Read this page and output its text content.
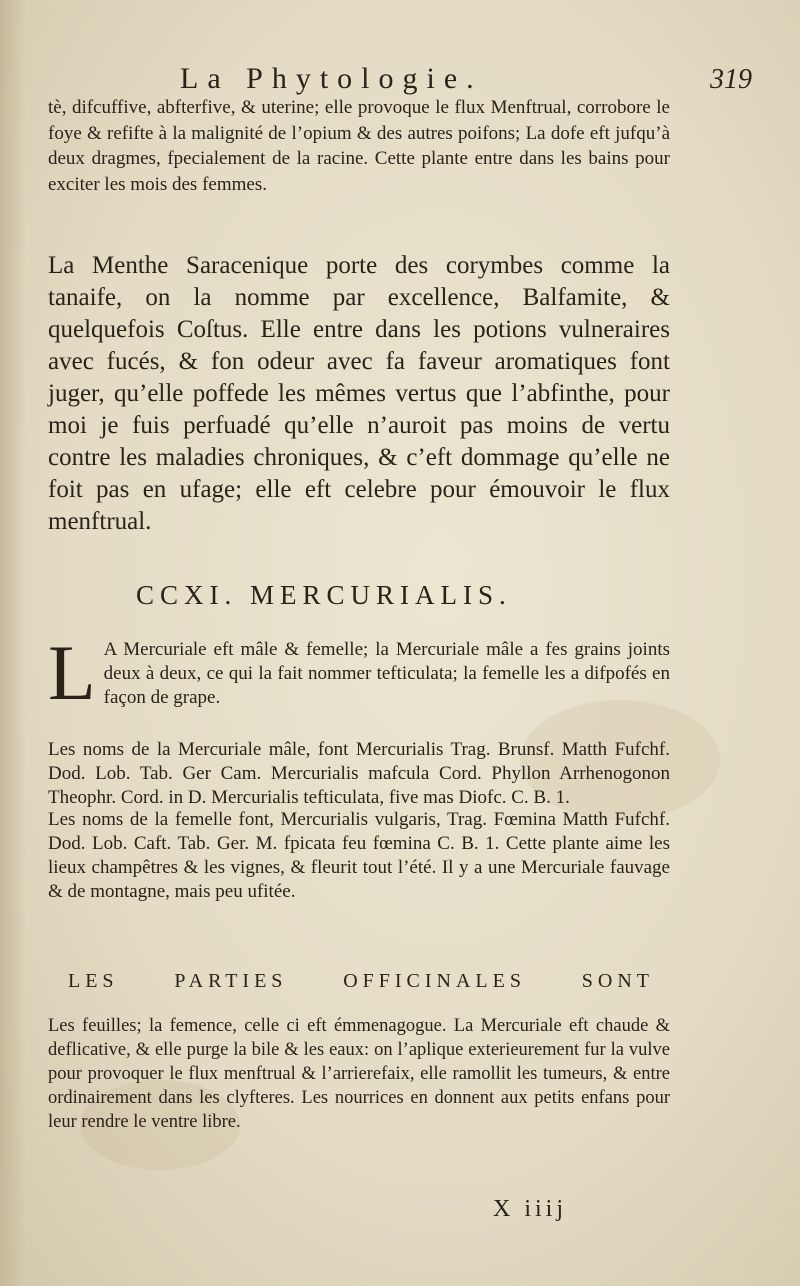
La Phytologie.	319
tè, difcuffive, abfterfive, & uterine; elle provoque le flux Menftrual, corrobore le foye & refifte à la malignité de l’opium & des autres poifons; La dofe eft jufqu’à deux dragmes, fpecialement de la racine. Cette plante entre dans les bains pour exciter les mois des femmes.
La Menthe Saracenique porte des corymbes comme la tanaife, on la nomme par excellence, Balfamite, & quelquefois Coſtus. Elle entre dans les potions vulneraires avec fucés, & fon odeur avec fa faveur aromatiques font juger, qu’elle poffede les mêmes vertus que l’abfinthe, pour moi je fuis perfuadé qu’elle n’auroit pas moins de vertu contre les maladies chroniques, & c’eft dommage qu’elle ne foit pas en ufage; elle eft celebre pour émouvoir le flux menftrual.
CCXI. MERCURIALIS.
L A Mercuriale eft mâle & femelle; la Mercuriale mâle a fes grains joints deux à deux, ce qui la fait nommer tefticulata; la femelle les a difpofés en façon de grape.
Les noms de la Mercuriale mâle, font Mercurialis Trag. Brunsf. Matth Fufchf. Dod. Lob. Tab. Ger Cam. Mercurialis mafcula Cord. Phyllon Arrhenogonon Theophr. Cord. in D. Mercurialis tefticulata, five mas Diofc. C. B. 1.
Les noms de la femelle font, Mercurialis vulgaris, Trag. Fœmina Matth Fufchf. Dod. Lob. Caft. Tab. Ger. M. fpicata feu fœmina C. B. 1. Cette plante aime les lieux champêtres & les vignes, & fleurit tout l’été. Il y a une Mercuriale fauvage & de montagne, mais peu ufitée.
LES PARTIES OFFICINALES SONT
Les feuilles; la femence, celle ci eft émmenagogue. La Mercuriale eft chaude & deflicative, & elle purge la bile & les eaux: on l’aplique exterieurement fur la vulve pour provoquer le flux menftrual & l’arrierefaix, elle ramollit les tumeurs, & entre ordinairement dans les clyfteres. Les nourrices en donnent aux petits enfans pour leur rendre le ventre libre.
X iiij
